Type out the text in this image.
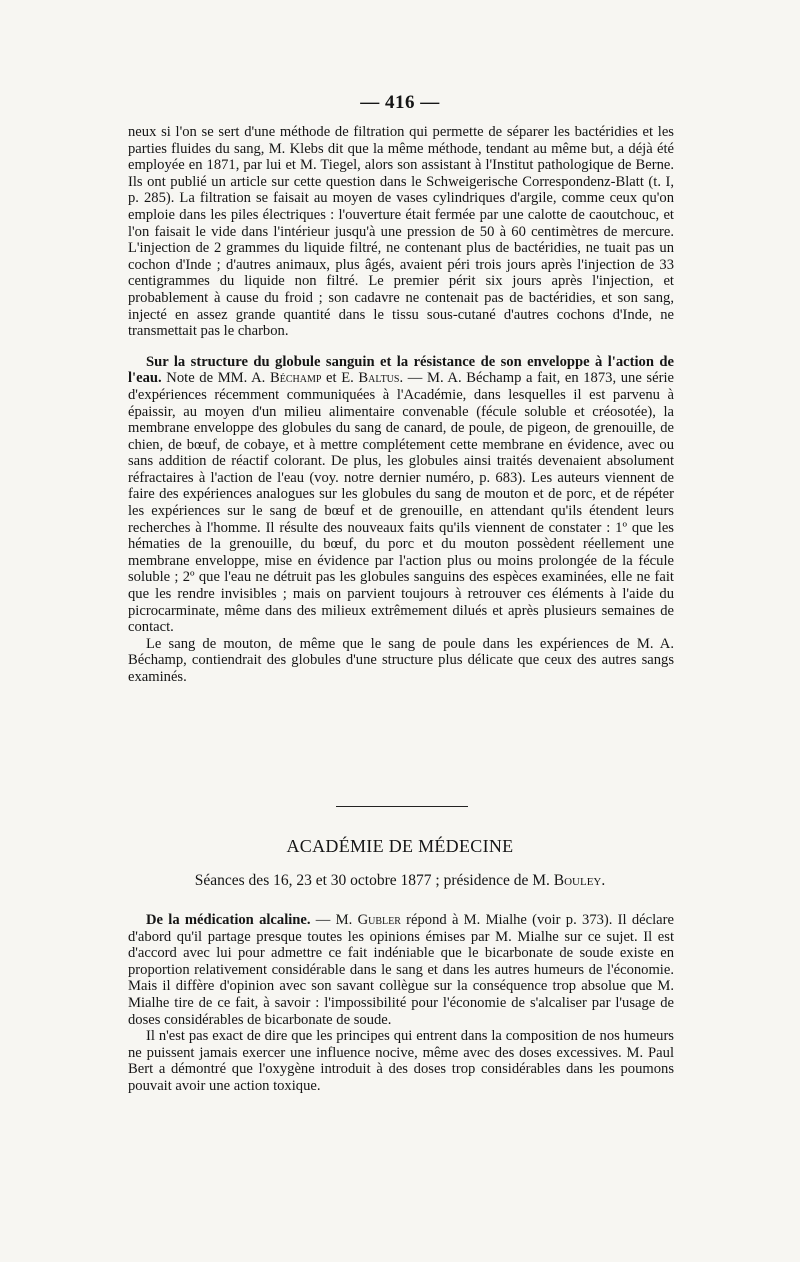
— 416 —

neux si l'on se sert d'une méthode de filtration qui permette de séparer les bactéridies et les parties fluides du sang, M. Klebs dit que la même méthode, tendant au même but, a déjà été employée en 1871, par lui et M. Tiegel, alors son assistant à l'Institut pathologique de Berne. Ils ont publié un article sur cette question dans le Schweigerische Correspondenz-Blatt (t. I, p. 285). La filtration se faisait au moyen de vases cylindriques d'argile, comme ceux qu'on emploie dans les piles électriques : l'ouverture était fermée par une calotte de caoutchouc, et l'on faisait le vide dans l'intérieur jusqu'à une pression de 50 à 60 centimètres de mercure. L'injection de 2 grammes du liquide filtré, ne contenant plus de bactéridies, ne tuait pas un cochon d'Inde ; d'autres animaux, plus âgés, avaient péri trois jours après l'injection de 33 centigrammes du liquide non filtré. Le premier périt six jours après l'injection, et probablement à cause du froid ; son cadavre ne contenait pas de bactéridies, et son sang, injecté en assez grande quantité dans le tissu sous-cutané d'autres cochons d'Inde, ne transmettait pas le charbon.

Sur la structure du globule sanguin et la résistance de son enveloppe à l'action de l'eau. Note de MM. A. Béchamp et E. Baltus. — M. A. Béchamp a fait, en 1873, une série d'expériences récemment communiquées à l'Académie, dans lesquelles il est parvenu à épaissir, au moyen d'un milieu alimentaire convenable (fécule soluble et créosotée), la membrane enveloppe des globules du sang de canard, de poule, de pigeon, de grenouille, de chien, de bœuf, de cobaye, et à mettre complétement cette membrane en évidence, avec ou sans addition de réactif colorant. De plus, les globules ainsi traités devenaient absolument réfractaires à l'action de l'eau (voy. notre dernier numéro, p. 683). Les auteurs viennent de faire des expériences analogues sur les globules du sang de mouton et de porc, et de répéter les expériences sur le sang de bœuf et de grenouille, en attendant qu'ils étendent leurs recherches à l'homme. Il résulte des nouveaux faits qu'ils viennent de constater : 1º que les hématies de la grenouille, du bœuf, du porc et du mouton possèdent réellement une membrane enveloppe, mise en évidence par l'action plus ou moins prolongée de la fécule soluble ; 2º que l'eau ne détruit pas les globules sanguins des espèces examinées, elle ne fait que les rendre invisibles ; mais on parvient toujours à retrouver ces éléments à l'aide du picrocarminate, même dans des milieux extrêmement dilués et après plusieurs semaines de contact.

Le sang de mouton, de même que le sang de poule dans les expériences de M. A. Béchamp, contiendrait des globules d'une structure plus délicate que ceux des autres sangs examinés.

ACADÉMIE DE MÉDECINE
Séances des 16, 23 et 30 octobre 1877 ; présidence de M. Bouley.

De la médication alcaline. — M. Gubler répond à M. Mialhe (voir p. 373). Il déclare d'abord qu'il partage presque toutes les opinions émises par M. Mialhe sur ce sujet. Il est d'accord avec lui pour admettre ce fait indéniable que le bicarbonate de soude existe en proportion relativement considérable dans le sang et dans les autres humeurs de l'économie. Mais il diffère d'opinion avec son savant collègue sur la conséquence trop absolue que M. Mialhe tire de ce fait, à savoir : l'impossibilité pour l'économie de s'alcaliser par l'usage de doses considérables de bicarbonate de soude.

Il n'est pas exact de dire que les principes qui entrent dans la composition de nos humeurs ne puissent jamais exercer une influence nocive, même avec des doses excessives. M. Paul Bert a démontré que l'oxygène introduit à des doses trop considérables dans les poumons pouvait avoir une action toxique.
